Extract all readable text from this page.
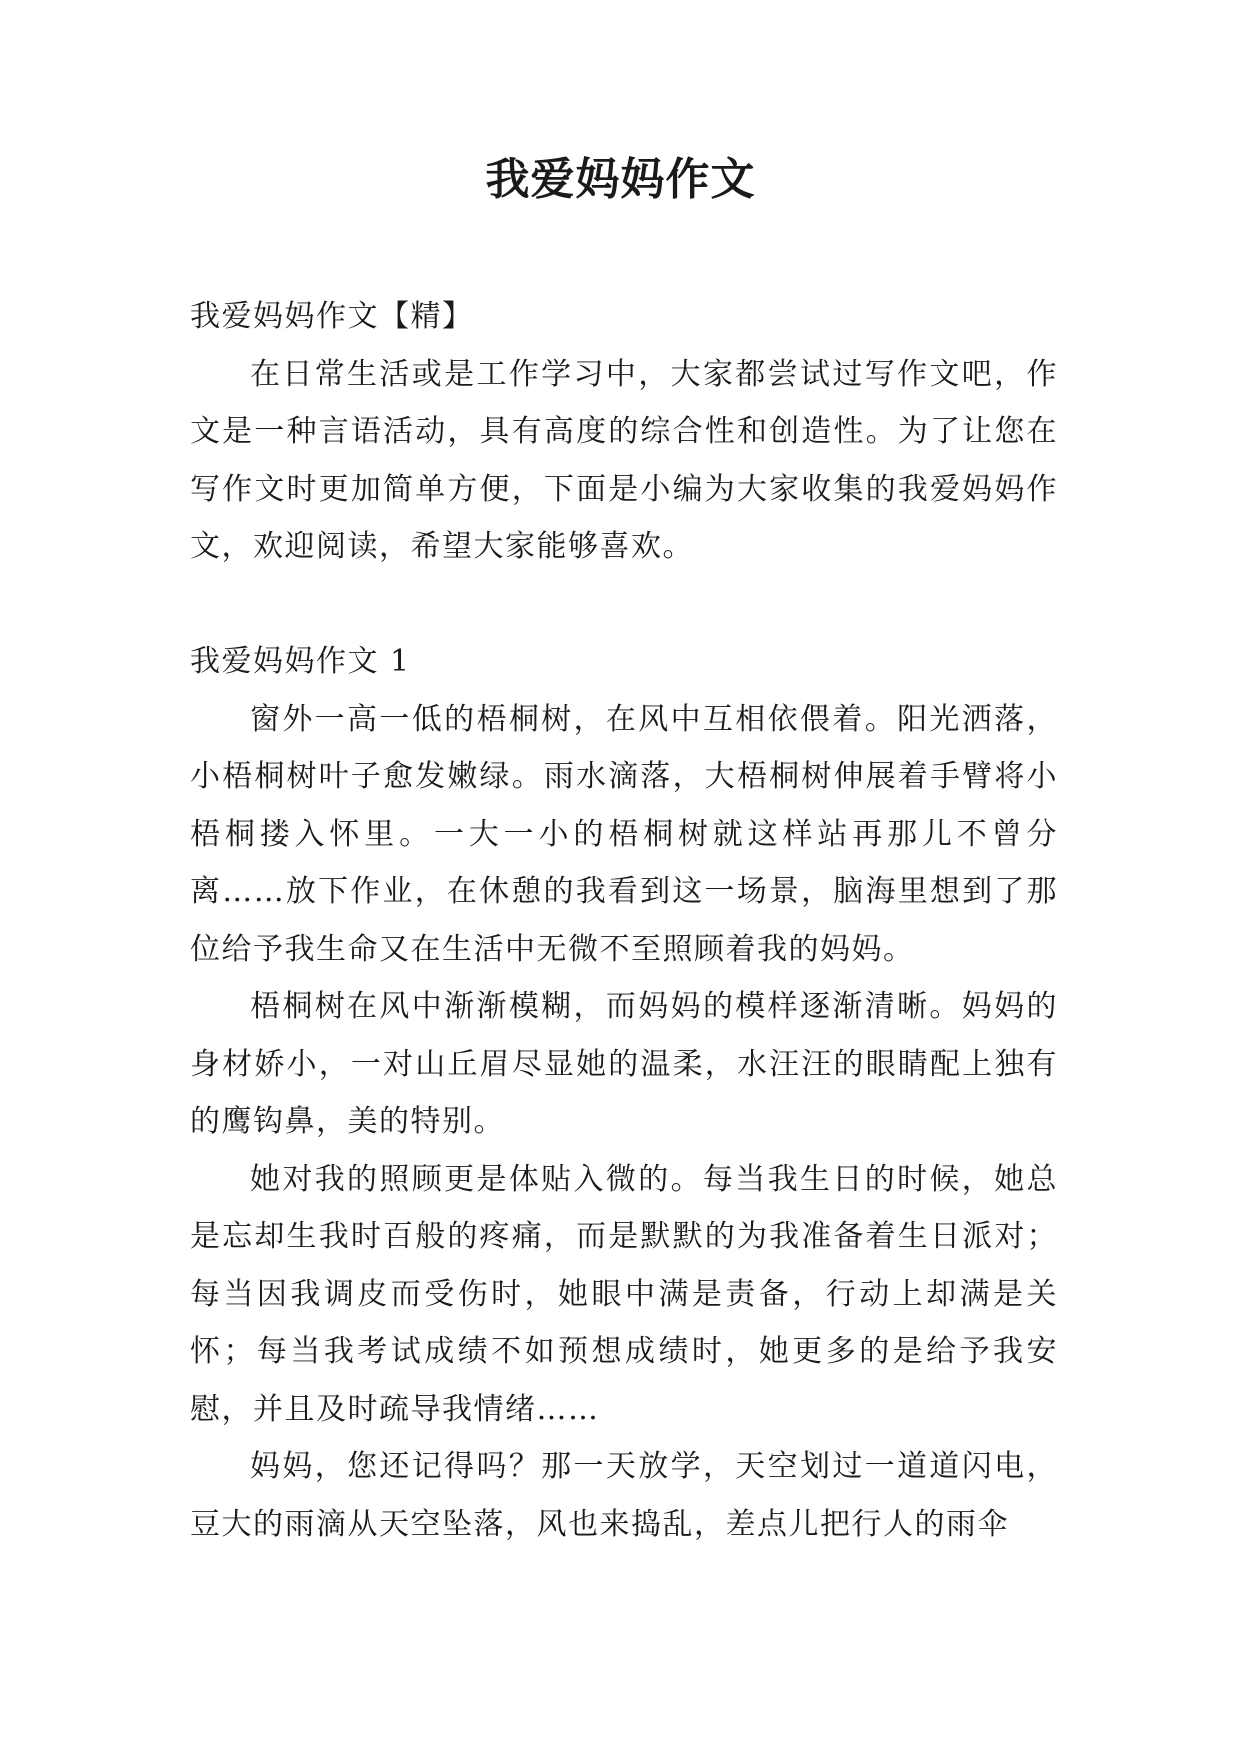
我爱妈妈作文

我爱妈妈作文【精】

在日常生活或是工作学习中，大家都尝试过写作文吧，作文是一种言语活动，具有高度的综合性和创造性。为了让您在写作文时更加简单方便，下面是小编为大家收集的我爱妈妈作文，欢迎阅读，希望大家能够喜欢。

我爱妈妈作文 1

窗外一高一低的梧桐树，在风中互相依偎着。阳光洒落，小梧桐树叶子愈发嫩绿。雨水滴落，大梧桐树伸展着手臂将小梧桐搂入怀里。一大一小的梧桐树就这样站再那儿不曾分离……放下作业，在休憩的我看到这一场景，脑海里想到了那位给予我生命又在生活中无微不至照顾着我的妈妈。

梧桐树在风中渐渐模糊，而妈妈的模样逐渐清晰。妈妈的身材娇小，一对山丘眉尽显她的温柔，水汪汪的眼睛配上独有的鹰钩鼻，美的特别。

她对我的照顾更是体贴入微的。每当我生日的时候，她总是忘却生我时百般的疼痛，而是默默的为我准备着生日派对；每当因我调皮而受伤时，她眼中满是责备，行动上却满是关怀；每当我考试成绩不如预想成绩时，她更多的是给予我安慰，并且及时疏导我情绪……

妈妈，您还记得吗？那一天放学，天空划过一道道闪电，豆大的雨滴从天空坠落，风也来捣乱，差点儿把行人的雨伞
